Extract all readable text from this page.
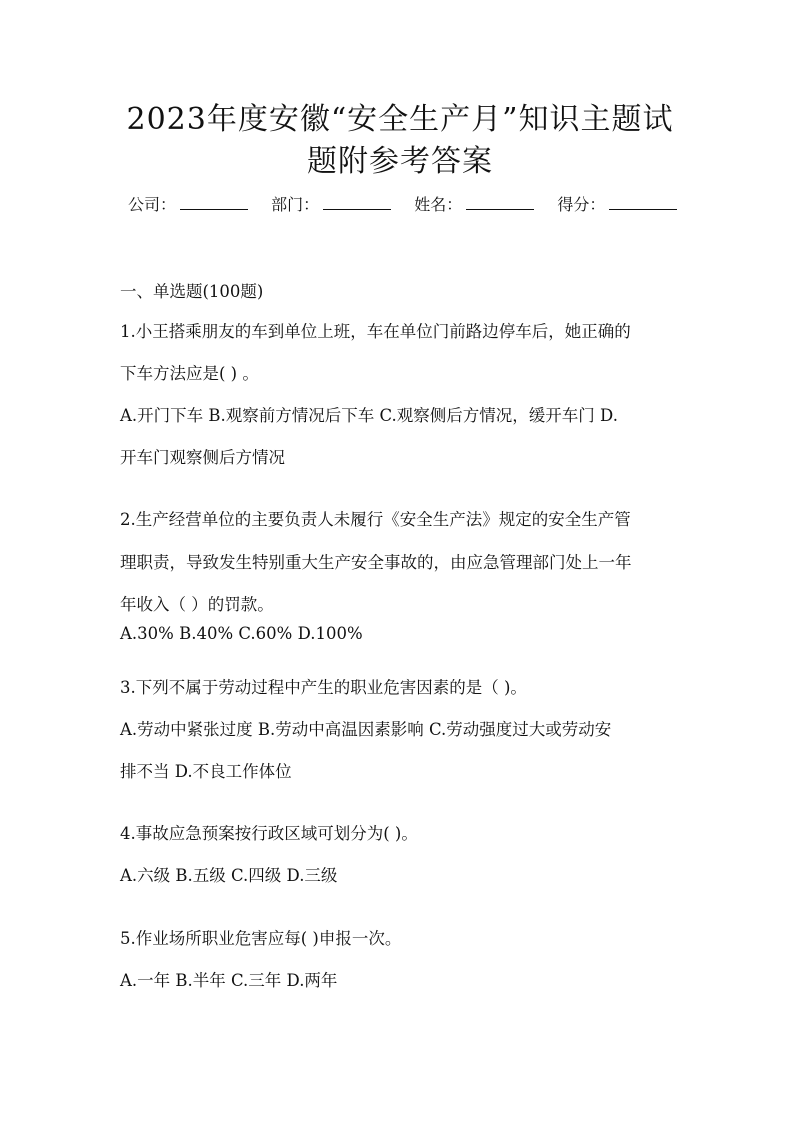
2023年度安徽“安全生产月”知识主题试
题附参考答案
公司：	部门：	姓名：	得分：
一、单选题(100题)
1.小王搭乘朋友的车到单位上班，车在单位门前路边停车后，她正确的
下车方法应是( ) 。
A.开门下车 B.观察前方情况后下车 C.观察侧后方情况，缓开车门 D.
开车门观察侧后方情况
2.生产经营单位的主要负责人未履行《安全生产法》规定的安全生产管
理职责，导致发生特别重大生产安全事故的，由应急管理部门处上一年
年收入（ ）的罚款。
A.30% B.40% C.60% D.100%
3.下列不属于劳动过程中产生的职业危害因素的是（ )。
A.劳动中紧张过度 B.劳动中高温因素影响 C.劳动强度过大或劳动安
排不当 D.不良工作体位
4.事故应急预案按行政区域可划分为( )。
A.六级 B.五级 C.四级 D.三级
5.作业场所职业危害应每( )申报一次。
A.一年 B.半年 C.三年 D.两年
